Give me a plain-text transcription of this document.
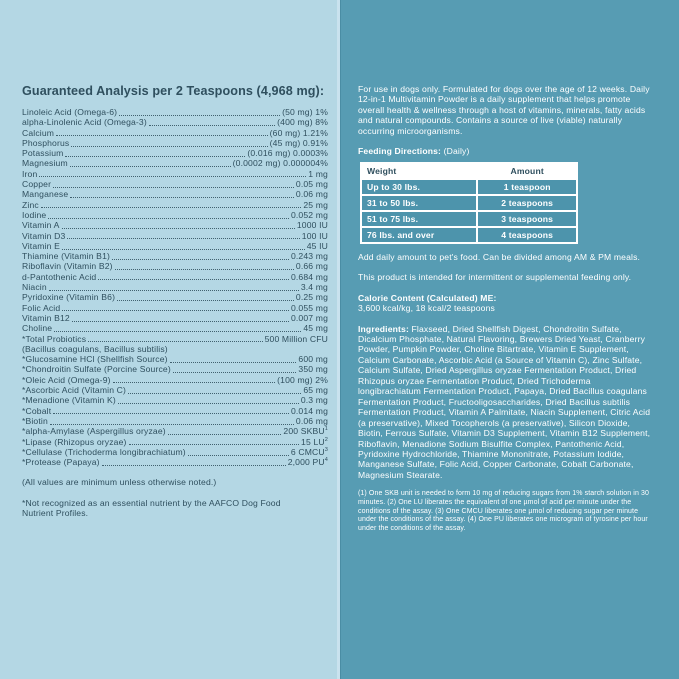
Guaranteed Analysis per 2 Teaspoons (4,968 mg):
Linoleic Acid (Omega-6)	(50 mg) 1%
alpha-Linolenic Acid (Omega-3)	(400 mg) 8%
Calcium	(60 mg) 1.21%
Phosphorus	(45 mg) 0.91%
Potassium	(0.016 mg) 0.0003%
Magnesium	(0.0002 mg) 0.000004%
Iron	1 mg
Copper	0.05 mg
Manganese	0.06 mg
Zinc	25 mg
Iodine	0.052 mg
Vitamin A	1000 IU
Vitamin D3	100 IU
Vitamin E	45 IU
Thiamine (Vitamin B1)	0.243 mg
Riboflavin (Vitamin B2)	0.66 mg
d-Pantothenic Acid	0.684 mg
Niacin	3.4 mg
Pyridoxine (Vitamin B6)	0.25 mg
Folic Acid	0.055 mg
Vitamin B12	0.007 mg
Choline	45 mg
*Total Probiotics	500 Million CFU
(Bacillus coagulans, Bacillus subtilis)
*Glucosamine HCl (Shellfish Source)	600 mg
*Chondroitin Sulfate (Porcine Source)	350 mg
*Oleic Acid (Omega-9)	(100 mg) 2%
*Ascorbic Acid (Vitamin C)	65 mg
*Menadione (Vitamin K)	0.3 mg
*Cobalt	0.014 mg
*Biotin	0.06 mg
*alpha-Amylase (Aspergillus oryzae)	200 SKBU$^1$
*Lipase (Rhizopus oryzae)	15 $LU^2$
*Cellulase (Trichoderma longibrachiatum)	6 CMCU$^3$
*Protease (Papaya)	2,000 $PU^4$

(All values are minimum unless otherwise noted.)

*Not recognized as an essential nutrient by the AAFCO Dog Food Nutrient Profiles.

For use in dogs only. Formulated for dogs over the age of 12 weeks. Daily 12-in-1 Multivitamin Powder is a daily supplement that helps promote overall health & wellness through a host of vitamins, minerals, fatty acids and natural compounds. Contains a source of live (viable) naturally occurring microorganisms.

Feeding Directions: (Daily)

Weight	Amount
Up to 30 lbs.	1 teaspoon
31 to 50 lbs.	2 teaspoons
51 to 75 lbs.	3 teaspoons
76 lbs. and over	4 teaspoons

Add daily amount to pet's food. Can be divided among AM & PM meals.

This product is intended for intermittent or supplemental feeding only.

Calorie Content (Calculated) ME:
3,600 kcal/kg, 18 kcal/2 teaspoons

Ingredients: Flaxseed, Dried Shellfish Digest, Chondroitin Sulfate, Dicalcium Phosphate, Natural Flavoring, Brewers Dried Yeast, Cranberry Powder, Pumpkin Powder, Choline Bitartrate, Vitamin E Supplement, Calcium Carbonate, Ascorbic Acid (a Source of Vitamin C), Zinc Sulfate, Calcium Sulfate, Dried Aspergillus oryzae Fermentation Product, Dried Rhizopus oryzae Fermentation Product, Dried Trichoderma longibrachiatum Fermentation Product, Papaya, Dried Bacillus coagulans Fermentation Product, Fructooligosaccharides, Dried Bacillus subtilis Fermentation Product, Vitamin A Palmitate, Niacin Supplement, Citric Acid (a preservative), Mixed Tocopherols (a preservative), Silicon Dioxide, Biotin, Ferrous Sulfate, Vitamin D3 Supplement, Vitamin B12 Supplement, Riboflavin, Menadione Sodium Bisulfite Complex, Pantothenic Acid, Pyridoxine Hydrochloride, Thiamine Mononitrate, Potassium Iodide, Manganese Sulfate, Folic Acid, Copper Carbonate, Cobalt Carbonate, Magnesium Stearate.

(1) One SKB unit is needed to form 10 mg of reducing sugars from 1% starch solution in 30 minutes. (2) One LU liberates the equivalent of one µmol of acid per minute under the conditions of the assay. (3) One CMCU liberates one µmol of reducing sugar per minute under the conditions of the assay. (4) One PU liberates one microgram of tyrosine per hour under the conditions of the assay.
